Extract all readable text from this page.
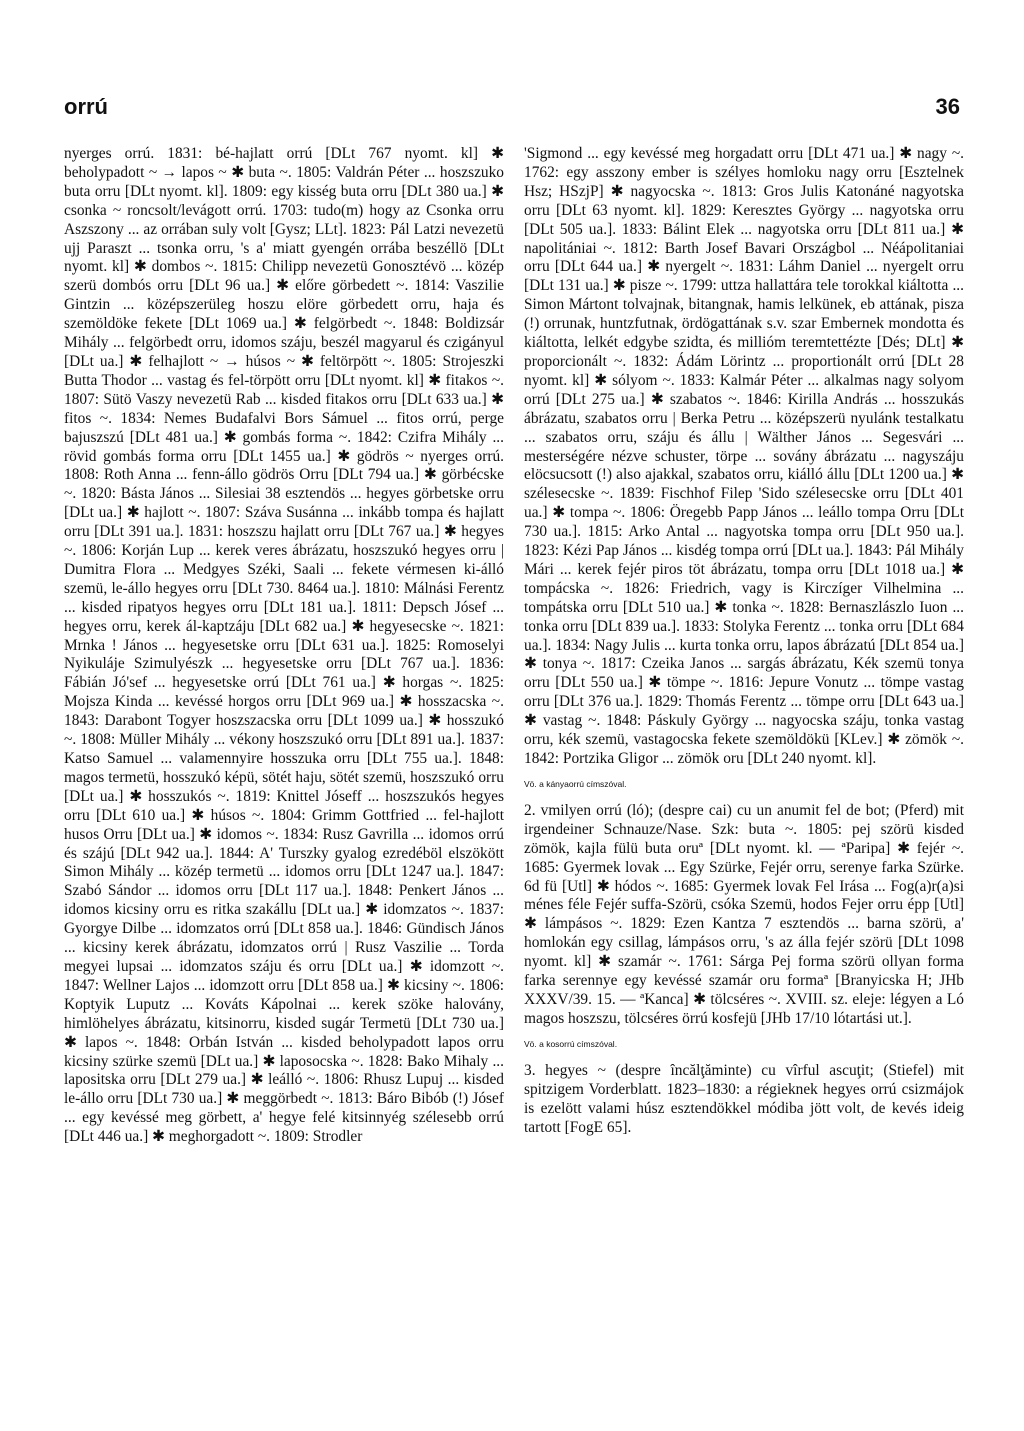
orrú	36

nyerges orrú. 1831: bé-hajlatt orrú [DLt 767 nyomt. kl] ✱ beholypadott ~ → lapos ~ ✱ buta ~. 1805: Valdrán Péter ... hoszszuko buta orru [DLt nyomt. kl]. 1809: egy kisség buta orru [DLt 380 ua.] ✱ csonka ~ roncsolt/levágott orrú. 1703: tudo(m) hogy az Csonka orru Aszszony ... az orrában suly volt [Gysz; LLt]. 1823: Pál Latzi nevezetü ujj Paraszt ... tsonka orru, 's a' miatt gyengén orrába beszéllö [DLt nyomt. kl] ✱ dombos ~. 1815: Chilipp nevezetü Gonosztévö ... közép szerü dombós orru [DLt 96 ua.] ✱ előre görbedett ~. 1814: Vaszilie Gintzin ... középszerüleg hoszu elöre görbedett orru, haja és szemöldöke fekete [DLt 1069 ua.] ✱ felgörbedt ~. 1848: Boldizsár Mihály ... felgörbedt orru, idomos száju, beszél magyarul és czigányul [DLt ua.] ✱ felhajlott ~ → húsos ~ ✱ feltörpött ~. 1805: Strojeszki Butta Thodor ... vastag és fel-törpött orru [DLt nyomt. kl] ✱ fitakos ~. 1807: Sütö Vaszy nevezetü Rab ... kisded fitakos orru [DLt 633 ua.] ✱ fitos ~. 1834: Nemes Budafalvi Bors Sámuel ... fitos orrú, perge bajuszszú [DLt 481 ua.] ✱ gombás forma ~. 1842: Czifra Mihály ... rövid gombás forma orru [DLt 1455 ua.] ✱ gödrös ~ nyerges orrú. 1808: Roth Anna ... fenn-állo gödrös Orru [DLt 794 ua.] ✱ görbécske ~. 1820: Básta János ... Silesiai 38 esztendös ... hegyes görbetske orru [DLt ua.] ✱ hajlott ~. 1807: Száva Susánna ... inkább tompa és hajlatt orru [DLt 391 ua.]. 1831: hoszszu hajlatt orru [DLt 767 ua.] ✱ hegyes ~. 1806: Korján Lup ... kerek veres ábrázatu, hoszszukó hegyes orru | Dumitra Flora ... Medgyes Széki, Saali ... fekete vérmesen ki-álló szemü, le-állo hegyes orru [DLt 730. 8464 ua.]. 1810: Málnási Ferentz ... kisded ripatyos hegyes orru [DLt 181 ua.]. 1811: Depsch Jósef ... hegyes orru, kerek ál-kaptzáju [DLt 682 ua.] ✱ hegyesecske ~. 1821: Mrnka ! János ... hegyesetske orru [DLt 631 ua.]. 1825: Romoselyi Nyikuláje Szimulyészk ... hegyesetske orru [DLt 767 ua.]. 1836: Fábián Jó'sef ... hegyesetske orrú [DLt 761 ua.] ✱ horgas ~. 1825: Mojsza Kinda ... kevéssé horgos orru [DLt 969 ua.] ✱ hosszacska ~. 1843: Darabont Togyer hoszszacska orru [DLt 1099 ua.] ✱ hosszukó ~. 1808: Müller Mihály ... vékony hoszszukó orru [DLt 891 ua.]. 1837: Katso Samuel ... valamennyire hosszuka orru [DLt 755 ua.]. 1848: magos termetü, hosszukó képü, sötét haju, sötét szemü, hoszszukó orru [DLt ua.] ✱ hosszukós ~. 1819: Knittel Jóseff ... hoszszukós hegyes orru [DLt 610 ua.] ✱ húsos ~. 1804: Grimm Gottfried ... fel-hajlott husos Orru [DLt ua.] ✱ idomos ~. 1834: Rusz Gavrilla ... idomos orrú és szájú [DLt 942 ua.]. 1844: A' Turszky gyalog ezredéböl elszökött Simon Mihály ... közép termetü ... idomos orru [DLt 1247 ua.]. 1847: Szabó Sándor ... idomos orru [DLt 117 ua.]. 1848: Penkert János ... idomos kicsiny orru es ritka szakállu [DLt ua.] ✱ idomzatos ~. 1837: Gyorgye Dilbe ... idomzatos orrú [DLt 858 ua.]. 1846: Gündisch János ... kicsiny kerek ábrázatu, idomzatos orrú | Rusz Vaszilie ... Torda megyei lupsai ... idomzatos száju és orru [DLt ua.] ✱ idomzott ~. 1847: Wellner Lajos ... idomzott orru [DLt 858 ua.] ✱ kicsiny ~. 1806: Koptyik Luputz ... Kováts Kápolnai ... kerek szöke halovány, himlöhelyes ábrázatu, kitsinorru, kisded sugár Termetü [DLt 730 ua.] ✱ lapos ~. 1848: Orbán István ... kisded beholypadott lapos orru kicsiny szürke szemü [DLt ua.] ✱ laposocska ~. 1828: Bako Mihaly ... lapositska orru [DLt 279 ua.] ✱ leálló ~. 1806: Rhusz Lupuj ... kisded le-állo orru [DLt 730 ua.] ✱ meggörbedt ~. 1813: Báro Bibób (!) Jósef ... egy kevéssé meg görbett, a' hegye felé kitsinnyég szélesebb orrú [DLt 446 ua.] ✱ meghorgadott ~. 1809: Strodler

'Sigmond ... egy kevéssé meg horgadatt orru [DLt 471 ua.] ✱ nagy ~. 1762: egy asszony ember is szélyes homloku nagy orru [Esztelnek Hsz; HSzjP] ✱ nagyocska ~. 1813: Gros Julis Katonáné nagyotska orru [DLt 63 nyomt. kl]. 1829: Keresztes György ... nagyotska orru [DLt 505 ua.]. 1833: Bálint Elek ... nagyotska orru [DLt 811 ua.] ✱ napolitániai ~. 1812: Barth Josef Bavari Országbol ... Néápolitaniai orru [DLt 644 ua.] ✱ nyergelt ~. 1831: Láhm Daniel ... nyergelt orru [DLt 131 ua.] ✱ pisze ~. 1799: uttza hallattára tele torokkal kiáltotta ... Simon Mártont tolvajnak, bitangnak, hamis lelkünek, eb attának, pisza (!) orrunak, huntzfutnak, ördögattának s.v. szar Embernek mondotta és kiáltotta, lelkét edgybe szidta, és millióm teremtettézte [Dés; DLt] ✱ proporcionált ~. 1832: Ádám Lörintz ... proportionált orrú [DLt 28 nyomt. kl] ✱ sólyom ~. 1833: Kalmár Péter ... alkalmas nagy solyom orrú [DLt 275 ua.] ✱ szabatos ~. 1846: Kirilla András ... hosszukás ábrázatu, szabatos orru | Berka Petru ... középszerü nyulánk testalkatu ... szabatos orru, száju és állu | Wälther János ... Segesvári ... mesterségére nézve schuster, törpe ... sovány ábrázatu ... nagyszáju elöcsucsott (!) also ajakkal, szabatos orru, kiálló állu [DLt 1200 ua.] ✱ szélesecske ~. 1839: Fischhof Filep 'Sido szélesecske orru [DLt 401 ua.] ✱ tompa ~. 1806: Öregebb Papp János ... leállo tompa Orru [DLt 730 ua.]. 1815: Arko Antal ... nagyotska tompa orru [DLt 950 ua.]. 1823: Kézi Pap János ... kisdég tompa orrú [DLt ua.]. 1843: Pál Mihály Mári ... kerek fejér piros töt ábrázatu, tompa orru [DLt 1018 ua.] ✱ tompácska ~. 1826: Friedrich, vagy is Kirczíger Vilhelmina ... tompátska orru [DLt 510 ua.] ✱ tonka ~. 1828: Bernaszlászlo Iuon ... tonka orru [DLt 839 ua.]. 1833: Stolyka Ferentz ... tonka orru [DLt 684 ua.]. 1834: Nagy Julis ... kurta tonka orru, lapos ábrázatú [DLt 854 ua.] ✱ tonya ~. 1817: Czeika Janos ... sargás ábrázatu, Kék szemü tonya orru [DLt 550 ua.] ✱ tömpe ~. 1816: Jepure Vonutz ... tömpe vastag orru [DLt 376 ua.]. 1829: Thomás Ferentz ... tömpe orru [DLt 643 ua.] ✱ vastag ~. 1848: Páskuly György ... nagyocska száju, tonka vastag orru, kék szemü, vastagocska fekete szemöldökü [KLev.] ✱ zömök ~. 1842: Portzika Gligor ... zömök oru [DLt 240 nyomt. kl].

Vö. a kányaorrú címszóval.

2. vmilyen orrú (ló); (despre cai) cu un anumit fel de bot; (Pferd) mit irgendeiner Schnauze/Nase. Szk: buta ~. 1805: pej szörü kisded zömök, kajla fülü buta oruª [DLt nyomt. kl. — ªParipa] ✱ fejér ~. 1685: Gyermek lovak ... Egy Szürke, Fejér orru, serenye farka Szürke. 6d fü [Utl] ✱ hódos ~. 1685: Gyermek lovak Fel Irása ... Fog(a)r(a)si ménes féle Fejér suffa-Szörü, csóka Szemü, hodos Fejer orru épp [Utl] ✱ lámpásos ~. 1829: Ezen Kantza 7 esztendös ... barna szörü, a' homlokán egy csillag, lámpásos orru, 's az álla fejér szörü [DLt 1098 nyomt. kl] ✱ szamár ~. 1761: Sárga Pej forma szörü ollyan forma farka serennye egy kevéssé szamár oru formaª [Branyicska H; JHb XXXV/39. 15. — ªKanca] ✱ tölcséres ~. XVIII. sz. eleje: légyen a Ló magos hoszszu, tölcséres örrú kosfejü [JHb 17/10 lótartási ut.].

Vö. a kosorrú címszóval.

3. hegyes ~ (despre încălţăminte) cu vîrful ascuţit; (Stiefel) mit spitzigem Vorderblatt. 1823–1830: a régieknek hegyes orrú csizmájok is ezelött valami húsz esztendökkel módiba jött volt, de kevés ideig tartott [FogE 65].
